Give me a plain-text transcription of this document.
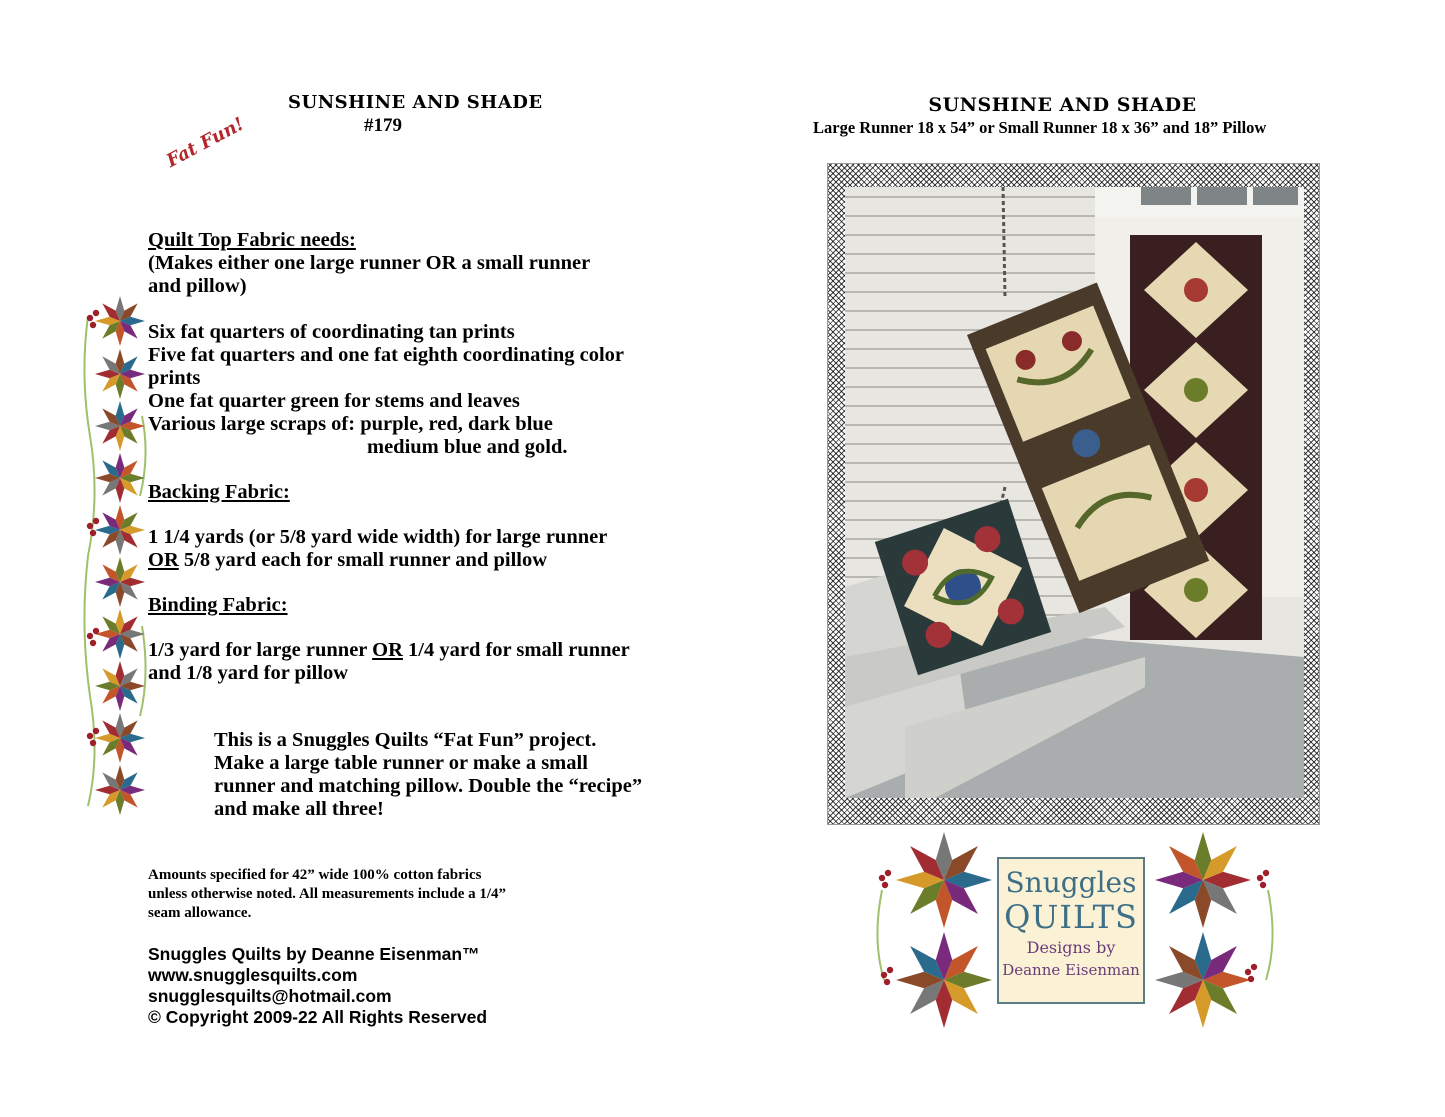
SUNSHINE AND SHADE
#179
Fat Fun!
Quilt Top Fabric needs:
(Makes either one large runner OR a small runner
and pillow)
Six fat quarters of coordinating tan prints
Five fat quarters and one fat eighth coordinating color
prints
One fat quarter green for stems and leaves
Various large scraps of: purple, red, dark blue
medium blue and gold.
Backing Fabric:
1 1/4 yards (or 5/8 yard wide width) for large runner
OR 5/8 yard each for small runner and pillow
Binding Fabric:
1/3 yard for large runner OR 1/4 yard for small runner
and 1/8 yard for pillow
This is a Snuggles Quilts “Fat Fun” project.
Make a large table runner or make a small
runner and matching pillow. Double the “recipe”
and make all three!
Amounts specified for 42” wide 100% cotton fabrics
unless otherwise noted. All measurements include a 1/4”
seam allowance.
Snuggles Quilts by Deanne Eisenman™
www.snugglesquilts.com
snugglesquilts@hotmail.com
© Copyright 2009-22 All Rights Reserved
SUNSHINE AND SHADE
Large Runner 18 x 54” or Small Runner 18 x 36” and 18” Pillow
Snuggles
QUILTS
Designs by
Deanne Eisenman
